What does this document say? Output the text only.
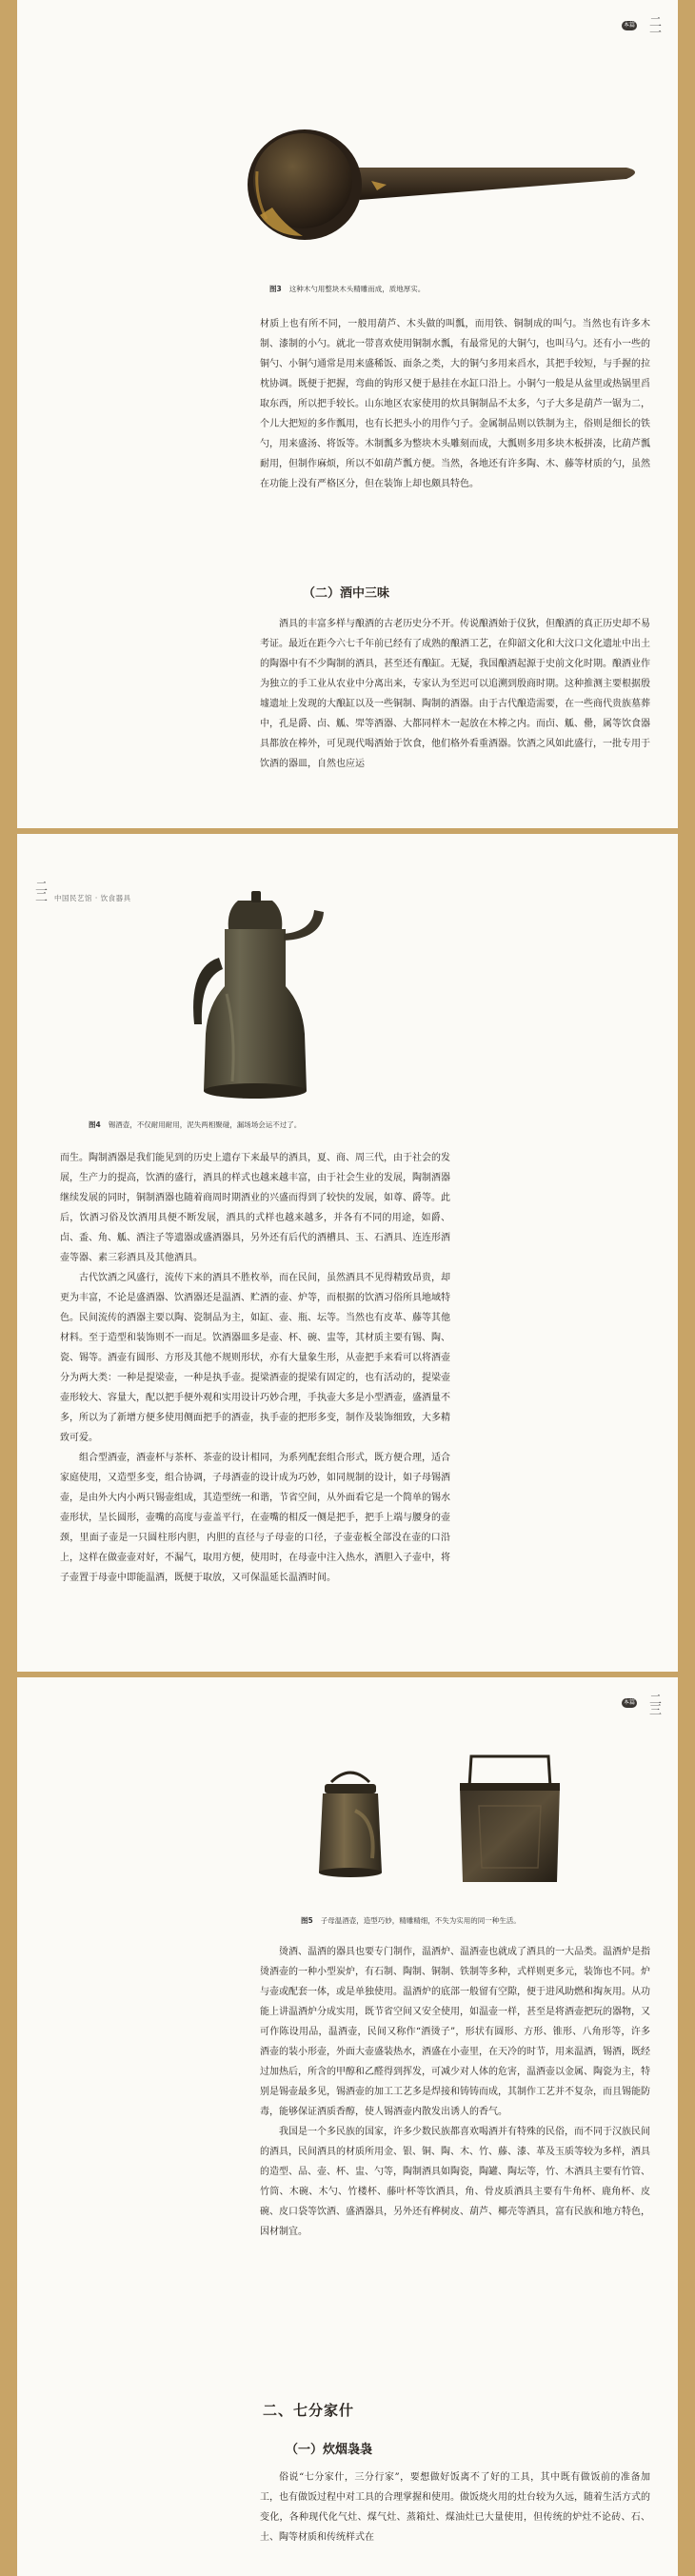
本篇 二一
图3 这种木勺用整块木头精雕而成，质地厚实。

材质上也有所不同，一般用葫芦、木头做的叫瓢，而用铁、铜制成的叫勺。当然也有许多木制、漆制的小勺。就北一带喜欢使用铜制水瓢，有最常见的大铜勺，也叫马勺。还有小一些的铜勺、小铜勺通常是用来盛稀饭、面条之类，大的铜勺多用来舀水，其把手较短，与手握的拉枕协调。既便于把握，弯曲的钩形又便于悬挂在水缸口沿上。小铜勺一般是从盆里或热锅里舀取东西，所以把手较长。山东地区农家使用的炊具铜制品不太多，勺子大多是葫芦一锯为二，个儿大把短的多作瓢用，也有长把头小的用作勺子。金属制品则以铁制为主，俗则是细长的铁勺，用来盛汤、将饭等。木制瓢多为整块木头雕刻而成，大瓢则多用多块木板拼凑，比葫芦瓢耐用，但制作麻烦，所以不如葫芦瓢方便。当然，各地还有许多陶、木、藤等材质的勺，虽然在功能上没有严格区分，但在装饰上却也颇具特色。

（二）酒中三味

酒具的丰富多样与酿酒的古老历史分不开。传说酿酒始于仪狄，但酿酒的真正历史却不易考证。最近在距今六七千年前已经有了成熟的酿酒工艺，在仰韶文化和大汶口文化遗址中出土的陶器中有不少陶制的酒具，甚至还有酿缸。无疑，我国酿酒起源于史前文化时期。酿酒业作为独立的手工业从农业中分离出来，专家认为至迟可以追溯到殷商时期。这种推测主要根据殷墟遗址上发现的大酿缸以及一些铜制、陶制的酒器。由于古代酿造需要，在一些商代贵族墓葬中，孔是爵、卣、觚、斝等酒器、大都同样木一起放在木棒之内。而卣、觚、罍，属等饮食器具都放在棒外，可见现代喝酒始于饮食，他们格外看重酒器。饮酒之风如此盛行，一批专用于饮酒的器皿，自然也应运

二二 中国民艺馆 · 饮食器具
图4 锡酒壶，不仅耐用耐用，泥失两相聚碰，漏场场会运不过了。

而生。陶制酒器是我们能见到的历史上遗存下来最早的酒具，夏、商、周三代，由于社会的发展，生产力的提高，饮酒的盛行，酒具的样式也越来越丰富，由于社会生业的发展，陶制酒器继续发展的同时，铜制酒器也随着商周时期酒业的兴盛而得到了较快的发展，如尊、爵等。此后，饮酒习俗及饮酒用具便不断发展，酒具的式样也越来越多，并各有不同的用途，如爵、卣、盉、角、觚、酒注子等遗器或盛酒器具，另外还有后代的酒槽具、玉、石酒具、连连形酒壶等器、素三彩酒具及其他酒具。

古代饮酒之风盛行，流传下来的酒具不胜枚举，而在民间，虽然酒具不见得精致昂贵，却更为丰富，不论是盛酒器、饮酒器还是温酒、贮酒的壶、炉等，而根据的饮酒习俗所具地域特色。民间流传的酒器主要以陶、瓷制品为主，如缸、壶、瓶、坛等。当然也有皮革、藤等其他材料。至于造型和装饰则不一而足。饮酒器皿多是壶、杯、碗、盅等，其材质主要有锡、陶、瓷、锡等。酒壶有圆形、方形及其他不规则形状，亦有大量象生形，从壶把手来看可以将酒壶分为两大类：一种是提梁壶，一种是执手壶。提梁酒壶的提梁有固定的，也有活动的，提梁壶壶形较大、容量大，配以把手便外观和实用设计巧妙合理，手执壶大多是小型酒壶，盛酒量不多，所以为了新增方便多使用侧面把手的酒壶，执手壶的把形多变，制作及装饰细致，大多精致可爱。

组合型酒壶，酒壶杯与茶杯、茶壶的设计相同，为系列配套组合形式，既方便合理，适合家庭使用，又造型多变，组合协调，子母酒壶的设计成为巧妙，如同规制的设计，如子母锡酒壶，是由外大内小两只锡壶组成，其造型统一和谐，节省空间，从外面看它是一个简单的锡水壶形状，呈长圆形，壶嘴的高度与壶盖平行，在壶嘴的相反一侧是把手，把手上端与腰身的壶颈，里面子壶是一只圆柱形内胆，内胆的直径与子母壶的口径，子壶壶板全部没在壶的口沿上，这样在做壶壶对好，不漏气，取用方便，使用时，在母壶中注入热水，酒胆入子壶中，将子壶置于母壶中即能温酒，既便于取放，又可保温延长温酒时间。

本篇 二三
图5 子母温酒壶，造型巧妙，精雕精细，不失为实用的同一种生活。

烫酒、温酒的器具也要专门制作，温酒炉、温酒壶也就成了酒具的一大品类。温酒炉是指烫酒壶的一种小型炭炉，有石制、陶制、铜制、铁制等多种，式样则更多元，装饰也不同。炉与壶或配套一体，或是单独使用。温酒炉的底部一般留有空隙，便于进风助燃和掏灰用。从功能上讲温酒炉分成实用，既节省空间又安全使用，如温壶一样，甚至是将酒壶把玩的器物，又可作陈设用品，温酒壶，民间又称作“酒烫子”，形状有圆形、方形、锥形、八角形等，许多酒壶的装小形壶，外面大壶盛装热水，酒盛在小壶里，在天冷的时节，用来温酒，锡酒，既经过加热后，所含的甲醇和乙醛得到挥发，可减少对人体的危害，温酒壶以金属、陶瓷为主，特别是锡壶最多见，锡酒壶的加工工艺多是焊接和铸铸而成，其制作工艺并不复杂，而且锡能防毒，能够保证酒质香醇，使人锡酒壶内散发出诱人的香气。

我国是一个多民族的国家，许多少数民族都喜欢喝酒并有特殊的民俗，而不同于汉族民间的酒具，民间酒具的材质所用金、银、铜、陶、木、竹、藤、漆、革及玉质等较为多样，酒具的造型、品、壶、杯、盅、勺等，陶制酒具如陶瓷，陶罐、陶坛等，竹、木酒具主要有竹管、竹筒、木碗、木勺、竹楼杯、藤叶杯等饮酒具，角、骨皮质酒具主要有牛角杯、鹿角杯、皮碗、皮口袋等饮酒、盛酒器具，另外还有桦树皮、葫芦、椰壳等酒具，富有民族和地方特色，因材制宜。

二、七分家什
（一）炊烟袅袅

俗说“七分家什，三分行家”，要想做好饭离不了好的工具，其中既有做饭前的准备加工，也有做饭过程中对工具的合理掌握和使用。做饭烧火用的灶台较为久远，随着生活方式的变化，各种现代化气灶、煤气灶、蒸箱灶、煤油灶已大量使用，但传统的炉灶不论砖、石、土、陶等材质和传统样式在
